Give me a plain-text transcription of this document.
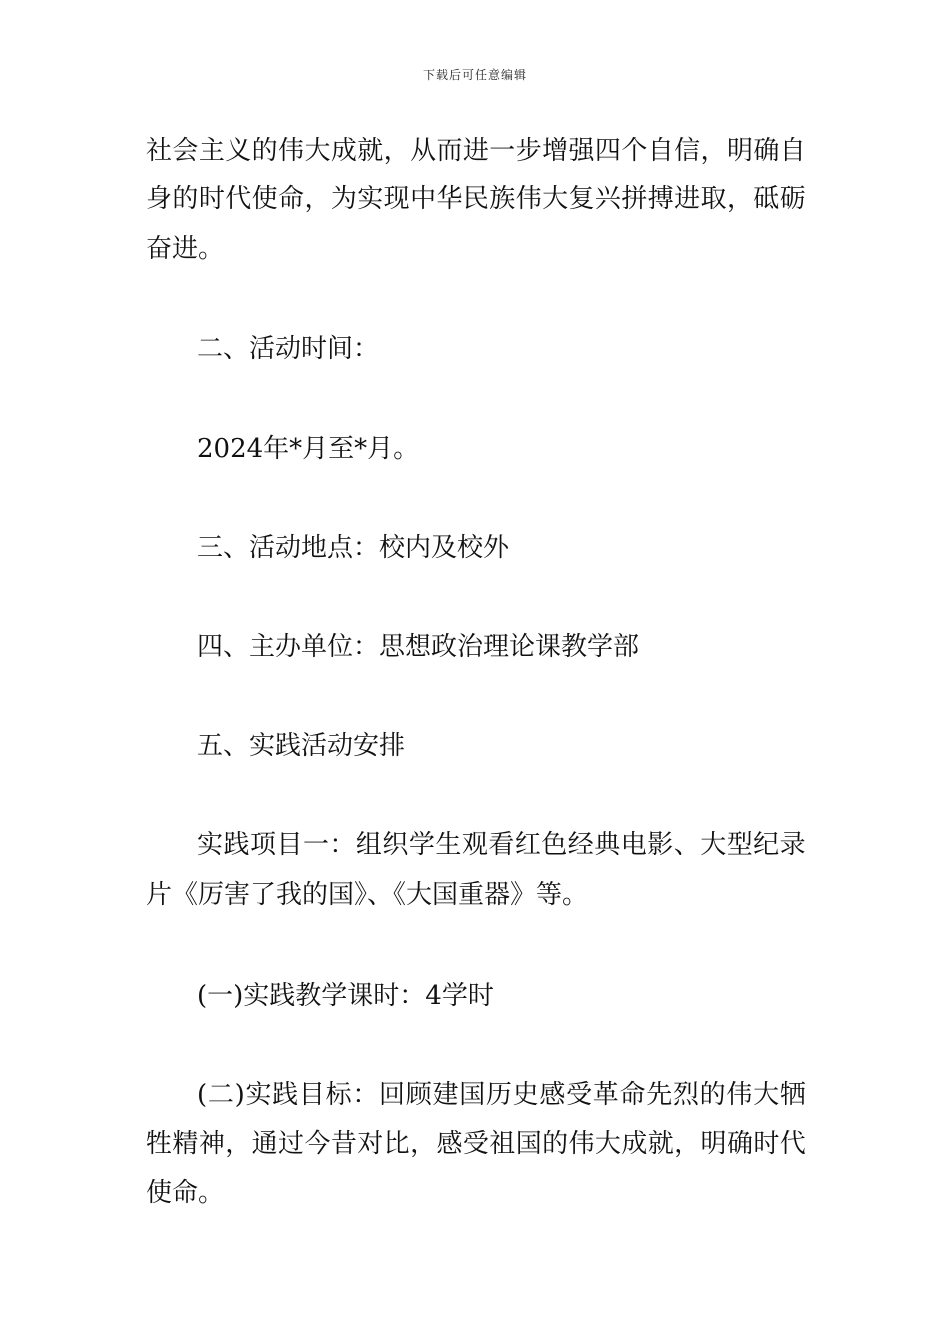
下载后可任意编辑
社 会 主 义 的 伟 大 成 就 ， 从 而 进 一 步 增 强 四 个 自 信 ， 明 确 自
身 的 时 代 使 命 ， 为 实 现 中 华 民 族 伟 大 复 兴 拼 搏 进 取 ， 砥 砺
奋进。
二、活动时间：
2024年*月至*月。
三、活动地点：校内及校外
四、主办单位：思想政治理论课教学部
五、实践活动安排
实 践 项 目 一 ： 组 织 学 生 观 看 红 色 经 典 电 影 、 大 型 纪 录
片《厉害了我的国》、《大国重器》等。
(一)实践教学课时：4学时
( 二 ) 实 践 目 标 ： 回 顾 建 国 历 史 感 受 革 命 先 烈 的 伟 大 牺
牲 精 神 ， 通 过 今 昔 对 比 ， 感 受 祖 国 的 伟 大 成 就 ， 明 确 时 代
使命。
